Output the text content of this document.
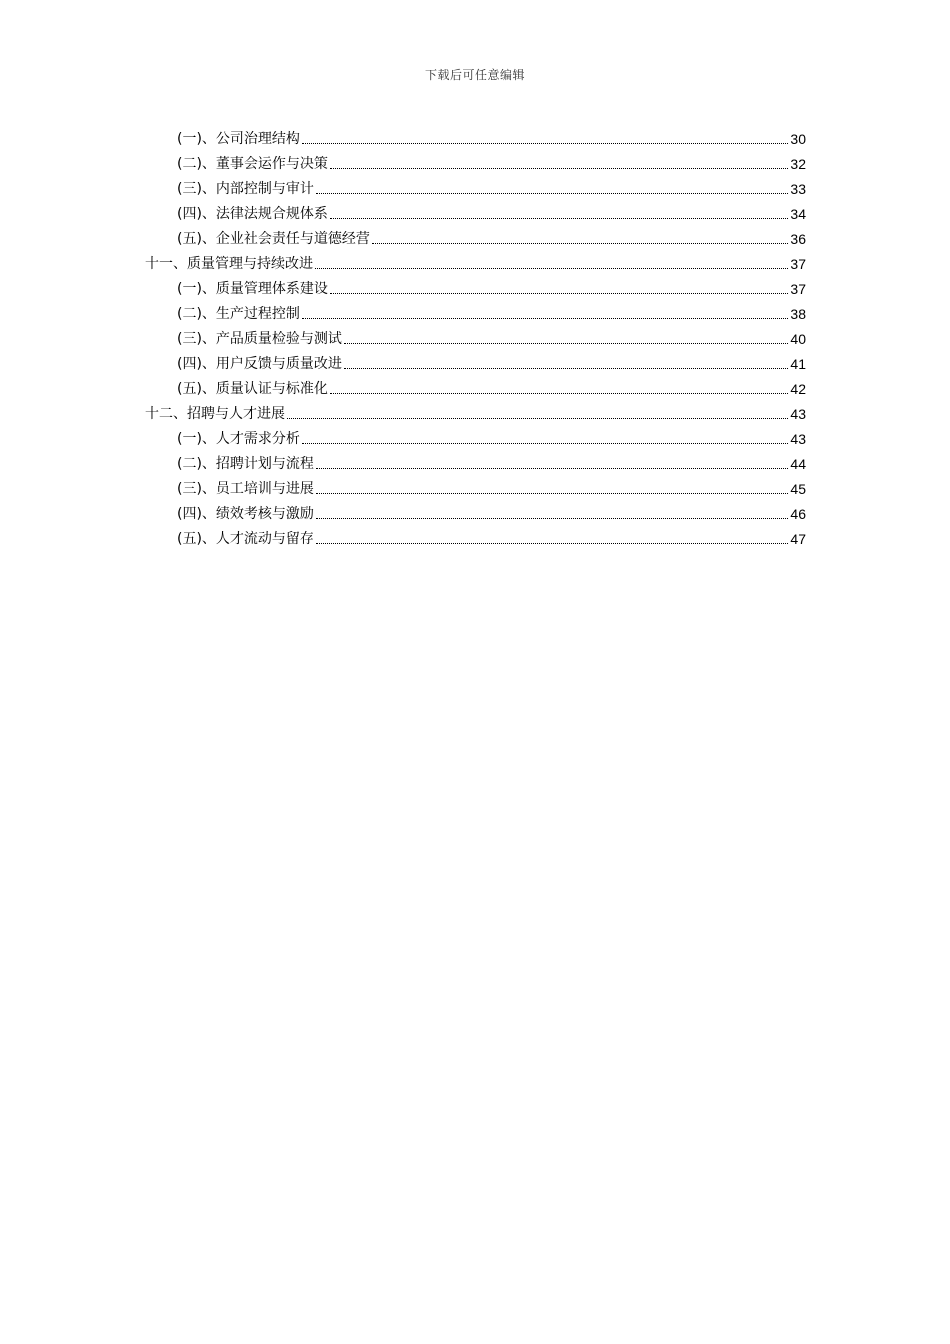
下载后可任意编辑
(一)、公司治理结构	30
(二)、董事会运作与决策	32
(三)、内部控制与审计	33
(四)、法律法规合规体系	34
(五)、企业社会责任与道德经营	36
十一、质量管理与持续改进	37
(一)、质量管理体系建设	37
(二)、生产过程控制	38
(三)、产品质量检验与测试	40
(四)、用户反馈与质量改进	41
(五)、质量认证与标准化	42
十二、招聘与人才进展	43
(一)、人才需求分析	43
(二)、招聘计划与流程	44
(三)、员工培训与进展	45
(四)、绩效考核与激励	46
(五)、人才流动与留存	47
